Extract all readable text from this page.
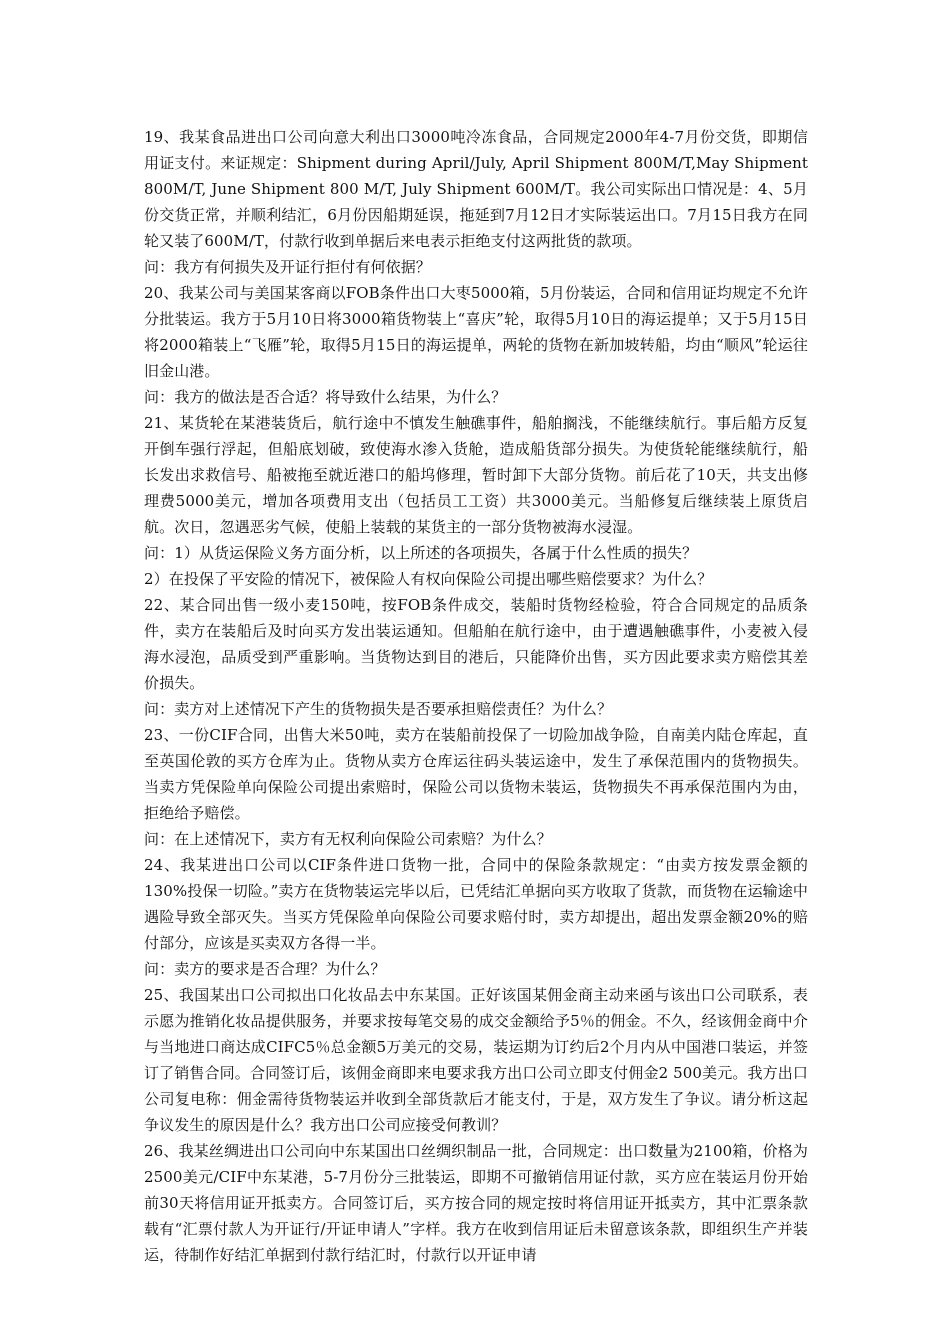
19、我某食品进出口公司向意大利出口3000吨冷冻食品，合同规定2000年4-7月份交货，即期信用证支付。来证规定：Shipment during April/July, April Shipment 800M/T,May Shipment 800M/T, June Shipment 800 M/T, July Shipment 600M/T。我公司实际出口情况是：4、5月份交货正常，并顺利结汇，6月份因船期延误，拖延到7月12日才实际装运出口。7月15日我方在同轮又装了600M/T，付款行收到单据后来电表示拒绝支付这两批货的款项。

问：我方有何损失及开证行拒付有何依据？

20、我某公司与美国某客商以FOB条件出口大枣5000箱，5月份装运，合同和信用证均规定不允许分批装运。我方于5月10日将3000箱货物装上“喜庆”轮，取得5月10日的海运提单；又于5月15日将2000箱装上“飞雁”轮，取得5月15日的海运提单，两轮的货物在新加坡转船，均由“顺风”轮运往旧金山港。

问：我方的做法是否合适？将导致什么结果，为什么？

21、某货轮在某港装货后，航行途中不慎发生触礁事件，船舶搁浅，不能继续航行。事后船方反复开倒车强行浮起，但船底划破，致使海水渗入货舱，造成船货部分损失。为使货轮能继续航行，船长发出求救信号、船被拖至就近港口的船坞修理，暂时卸下大部分货物。前后花了10天，共支出修理费5000美元，增加各项费用支出（包括员工工资）共3000美元。当船修复后继续装上原货启航。次日，忽遇恶劣气候，使船上装载的某货主的一部分货物被海水浸湿。

问：1）从货运保险义务方面分析，以上所述的各项损失，各属于什么性质的损失？

2）在投保了平安险的情况下，被保险人有权向保险公司提出哪些赔偿要求？为什么？

22、某合同出售一级小麦150吨，按FOB条件成交，装船时货物经检验，符合合同规定的品质条件，卖方在装船后及时向买方发出装运通知。但船舶在航行途中，由于遭遇触礁事件，小麦被入侵海水浸泡，品质受到严重影响。当货物达到目的港后，只能降价出售，买方因此要求卖方赔偿其差价损失。

问：卖方对上述情况下产生的货物损失是否要承担赔偿责任？为什么？

23、一份CIF合同，出售大米50吨，卖方在装船前投保了一切险加战争险，自南美内陆仓库起，直至英国伦敦的买方仓库为止。货物从卖方仓库运往码头装运途中，发生了承保范围内的货物损失。当卖方凭保险单向保险公司提出索赔时，保险公司以货物未装运，货物损失不再承保范围内为由，拒绝给予赔偿。

问：在上述情况下，卖方有无权利向保险公司索赔？为什么？

24、我某进出口公司以CIF条件进口货物一批，合同中的保险条款规定：“由卖方按发票金额的130%投保一切险。”卖方在货物装运完毕以后，已凭结汇单据向买方收取了货款，而货物在运输途中遇险导致全部灭失。当买方凭保险单向保险公司要求赔付时，卖方却提出，超出发票金额20%的赔付部分，应该是买卖双方各得一半。

问：卖方的要求是否合理？为什么？

25、我国某出口公司拟出口化妆品去中东某国。正好该国某佣金商主动来函与该出口公司联系，表示愿为推销化妆品提供服务，并要求按每笔交易的成交金额给予5％的佣金。不久，经该佣金商中介与当地进口商达成CIFC5％总金额5万美元的交易，装运期为订约后2个月内从中国港口装运，并签订了销售合同。合同签订后，该佣金商即来电要求我方出口公司立即支付佣金2 500美元。我方出口公司复电称：佣金需待货物装运并收到全部货款后才能支付，于是，双方发生了争议。请分析这起争议发生的原因是什么？我方出口公司应接受何教训？

26、我某丝绸进出口公司向中东某国出口丝绸织制品一批，合同规定：出口数量为2100箱，价格为2500美元/CIF中东某港，5-7月份分三批装运，即期不可撤销信用证付款，买方应在装运月份开始前30天将信用证开抵卖方。合同签订后，买方按合同的规定按时将信用证开抵卖方，其中汇票条款载有“汇票付款人为开证行/开证申请人”字样。我方在收到信用证后未留意该条款，即组织生产并装运，待制作好结汇单据到付款行结汇时，付款行以开证申请
